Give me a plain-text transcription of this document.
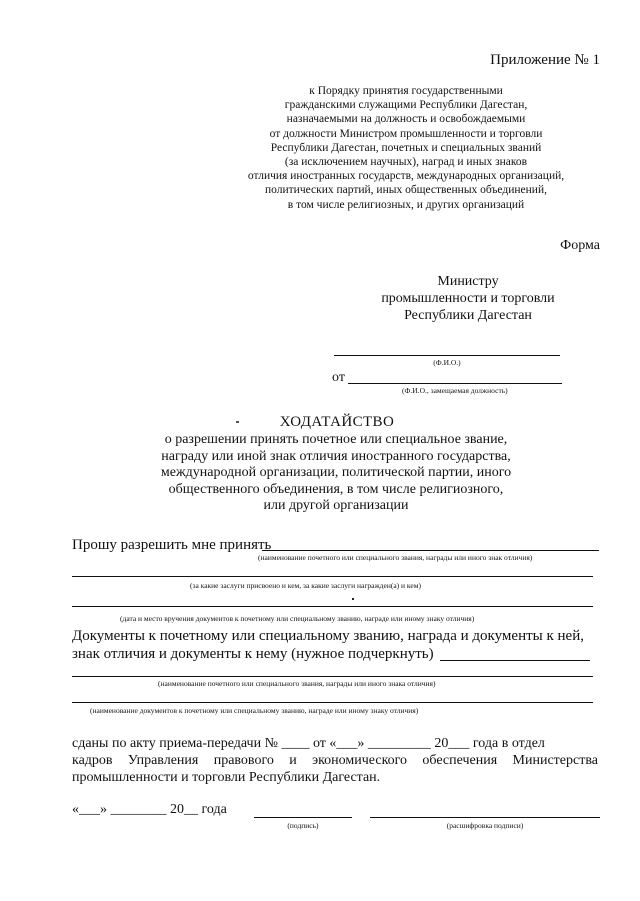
Приложение № 1
к Порядку принятия государственными
гражданскими служащими Республики Дагестан,
назначаемыми на должность и освобождаемыми
от должности Министром промышленности и торговли
Республики Дагестан, почетных и специальных званий
(за исключением научных), наград и иных знаков
отличия иностранных государств, международных организаций,
политических партий, иных общественных объединений,
в том числе религиозных, и других организаций
Форма
Министру
промышленности и торговли
Республики Дагестан
(Ф.И.О.)
от
(Ф.И.О., замещаемая должность)
ХОДАТАЙСТВО
о разрешении принять почетное или специальное звание,
награду или иной знак отличия иностранного государства,
международной организации, политической партии, иного
общественного объединения, в том числе религиозного,
или другой организации
Прошу разрешить мне принять
(наименование почетного или специального звания, награды или иного знак отличия)
(за какие заслуги присвоено и кем, за какие заслуги награжден(а) и кем)
(дата и место вручения документов к почетному или специальному званию, награде или иному знаку отличия)
Документы к почетному или специальному званию, награда и документы к ней,
знак отличия и документы к нему (нужное подчеркнуть)
(наименование почетного или специального звания, награды или иного знака отличия)
(наименование документов к почетному или специальному званию, награде или иному знаку отличия)
сданы по акту приема-передачи № ____ от «___» _________ 20___ года в отдел
кадров Управления правового и экономического обеспечения Министерства
промышленности и торговли Республики Дагестан.
«___» ________ 20__ года
(подпись)	(расшифровка подписи)
